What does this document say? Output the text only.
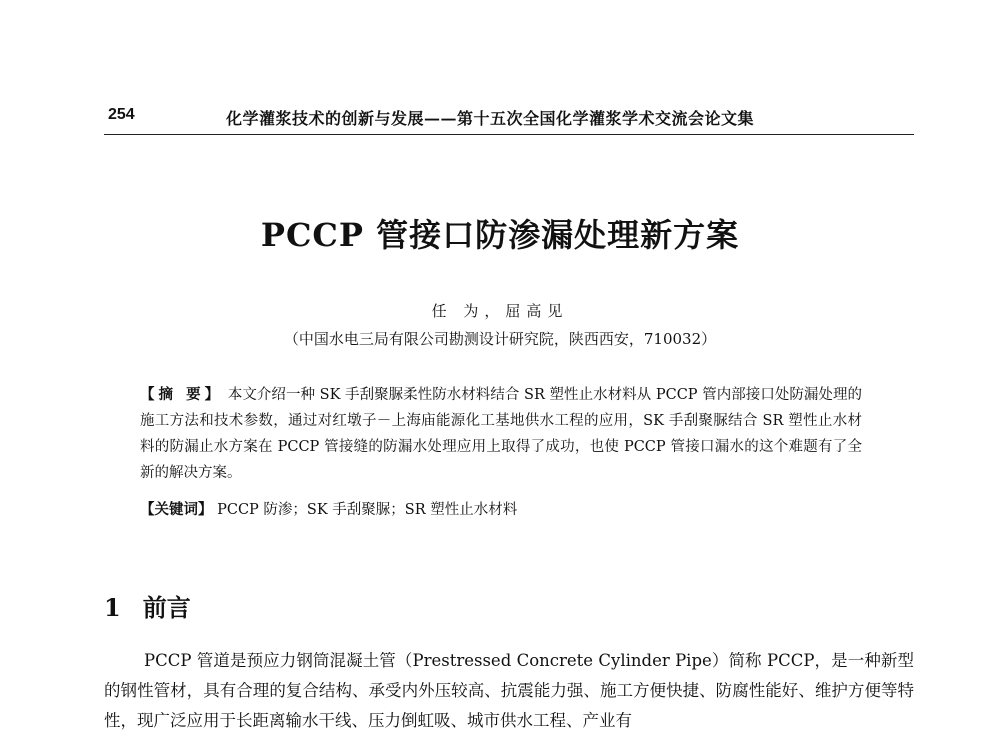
254	化学灌浆技术的创新与发展——第十五次全国化学灌浆学术交流会论文集
PCCP 管接口防渗漏处理新方案
任 为，屈高见
（中国水电三局有限公司勘测设计研究院，陕西西安，710032）
【摘 要】 本文介绍一种 SK 手刮聚脲柔性防水材料结合 SR 塑性止水材料从 PCCP 管内部接口处防漏处理的施工方法和技术参数，通过对红墩子－上海庙能源化工基地供水工程的应用，SK 手刮聚脲结合 SR 塑性止水材料的防漏止水方案在 PCCP 管接缝的防漏水处理应用上取得了成功，也使 PCCP 管接口漏水的这个难题有了全新的解决方案。
【关键词】 PCCP 防渗；SK 手刮聚脲；SR 塑性止水材料
1 前言
PCCP 管道是预应力钢筒混凝土管（Prestressed Concrete Cylinder Pipe）简称 PCCP，是一种新型的钢性管材，具有合理的复合结构、承受内外压较高、抗震能力强、施工方便快捷、防腐性能好、维护方便等特性，现广泛应用于长距离输水干线、压力倒虹吸、城市供水工程、产业有
